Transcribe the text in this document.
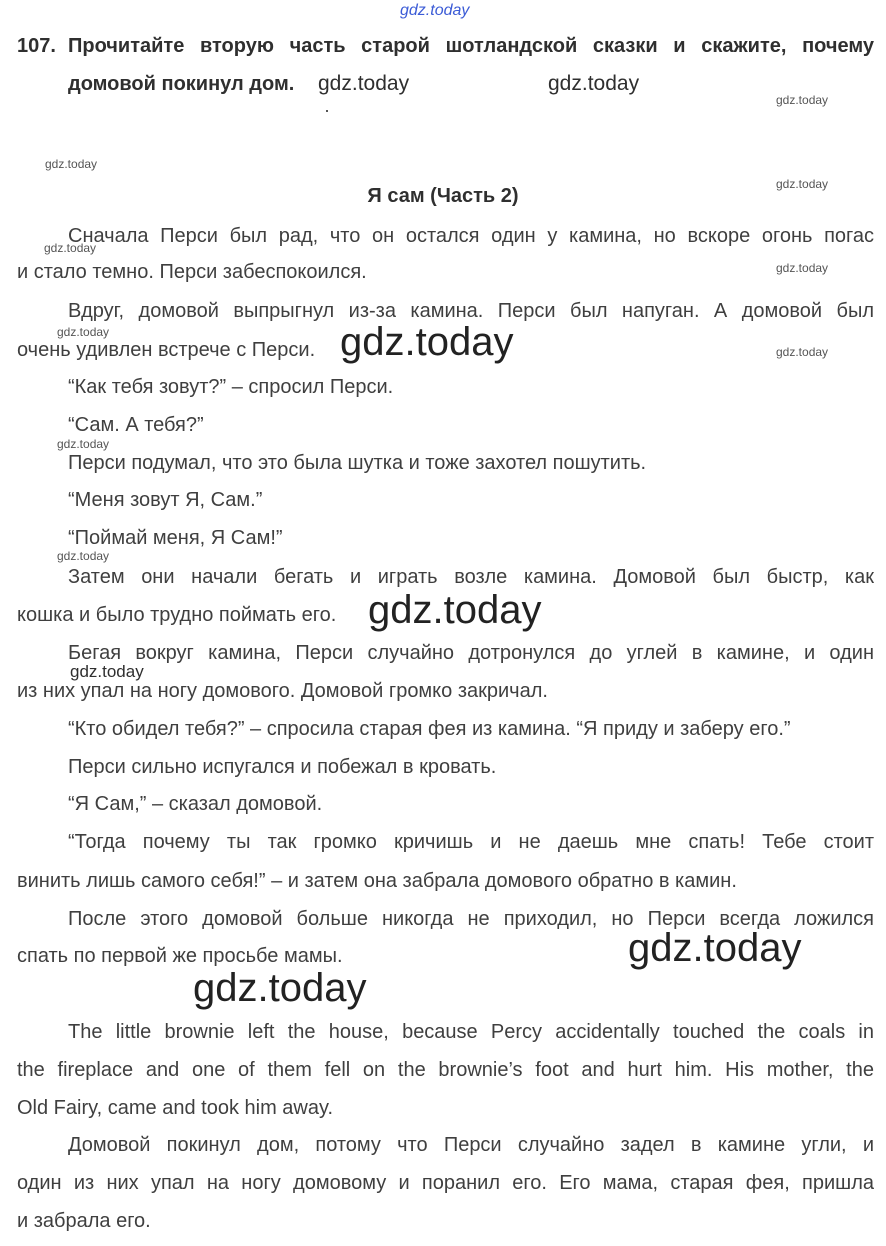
gdz.today
107. Прочитайте вторую часть старой шотландской сказки и скажите, почему
домовой покинул дом. gdz.today	gdz.today
gdz.today
gdz.today
gdz.today
Я сам (Часть 2)
Сначала Перси был рад, что он остался один у камина, но вскоре огонь погас
gdz.today
и стало темно. Перси забеспокоился.	gdz.today
Вдруг, домовой выпрыгнул из-за камина. Перси был напуган. А домовой был
gdz.today
очень удивлен встрече с Перси. gdz.today	gdz.today
“Как тебя зовут?” – спросил Перси.
“Сам. А тебя?”
gdz.today
Перси подумал, что это была шутка и тоже захотел пошутить.
“Меня зовут Я, Сам.”
“Поймай меня, Я Сам!”
gdz.today
Затем они начали бегать и играть возле камина. Домовой был быстр, как
кошка и было трудно поймать его. gdz.today
Бегая вокруг камина, Перси случайно дотронулся до углей в камине, и один
gdz.today
из них упал на ногу домового. Домовой громко закричал.
“Кто обидел тебя?” – спросила старая фея из камина. “Я приду и заберу его.”
Перси сильно испугался и побежал в кровать.
“Я Сам,” – сказал домовой.
“Тогда почему ты так громко кричишь и не даешь мне спать! Тебе стоит
винить лишь самого себя!” – и затем она забрала домового обратно в камин.
После этого домовой больше никогда не приходил, но Перси всегда ложился
спать по первой же просьбе мамы.	gdz.today
gdz.today
The little brownie left the house, because Percy accidentally touched the coals in
the fireplace and one of them fell on the brownie’s foot and hurt him. His mother, the
Old Fairy, came and took him away.
Домовой покинул дом, потому что Перси случайно задел в камине угли, и
один из них упал на ногу домовому и поранил его. Его мама, старая фея, пришла
и забрала его.
